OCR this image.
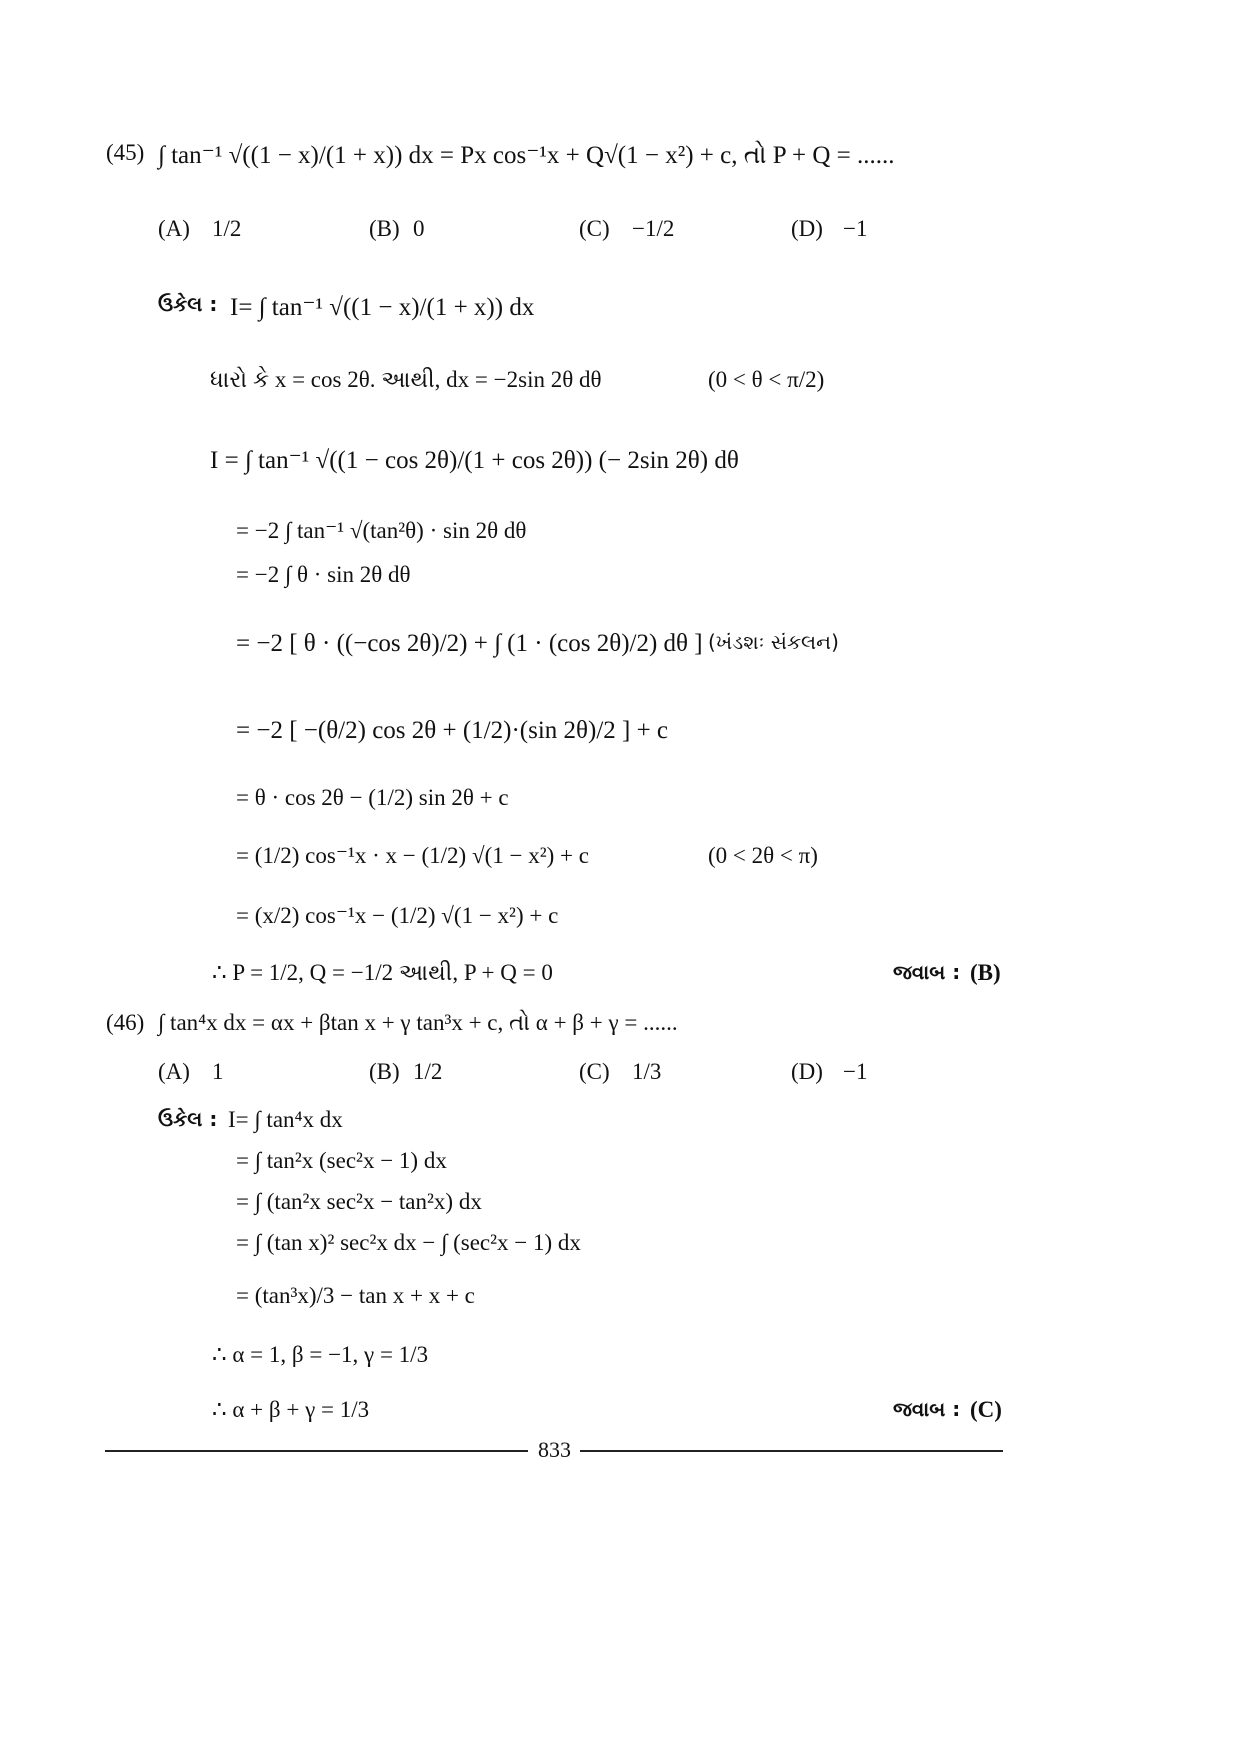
(45) ∫ tan⁻¹ √((1 − x)/(1 + x)) dx = Px cos⁻¹x + Q√(1 − x²) + c, તો P + Q = ......
(A) 1/2	(B) 0	(C) −1/2	(D) −1
ઉકેલ : I= ∫ tan⁻¹ √((1 − x)/(1 + x)) dx
ધારો કે x = cos 2θ. આથી, dx = −2sin 2θ dθ	(0 < θ < π/2)
I = ∫ tan⁻¹ √((1 − cos 2θ)/(1 + cos 2θ)) (− 2sin 2θ) dθ
= −2 ∫ tan⁻¹ √(tan²θ) · sin 2θ dθ
= −2 ∫ θ · sin 2θ dθ
= −2 [ θ · ((−cos 2θ)/2) + ∫ (1 · (cos 2θ)/2) dθ ] (ખંડશઃ સંકલન)
= −2 [ −(θ/2) cos 2θ + (1/2)·(sin 2θ)/2 ] + c
= θ · cos 2θ − (1/2) sin 2θ + c
= (1/2) cos⁻¹x · x − (1/2) √(1 − x²) + c	(0 < 2θ < π)
= (x/2) cos⁻¹x − (1/2) √(1 − x²) + c
∴ P = 1/2, Q = −1/2 આથી, P + Q = 0	જવાબ : (B)
(46) ∫ tan⁴x dx = αx + βtan x + γ tan³x + c, તો α + β + γ = ......
(A) 1	(B) 1/2	(C) 1/3	(D) −1
ઉકેલ : I= ∫ tan⁴x dx
= ∫ tan²x (sec²x − 1) dx
= ∫ (tan²x sec²x − tan²x) dx
= ∫ (tan x)² sec²x dx − ∫ (sec²x − 1) dx
= (tan³x)/3 − tan x + x + c
∴ α = 1, β = −1, γ = 1/3
∴ α + β + γ = 1/3	જવાબ : (C)
833
